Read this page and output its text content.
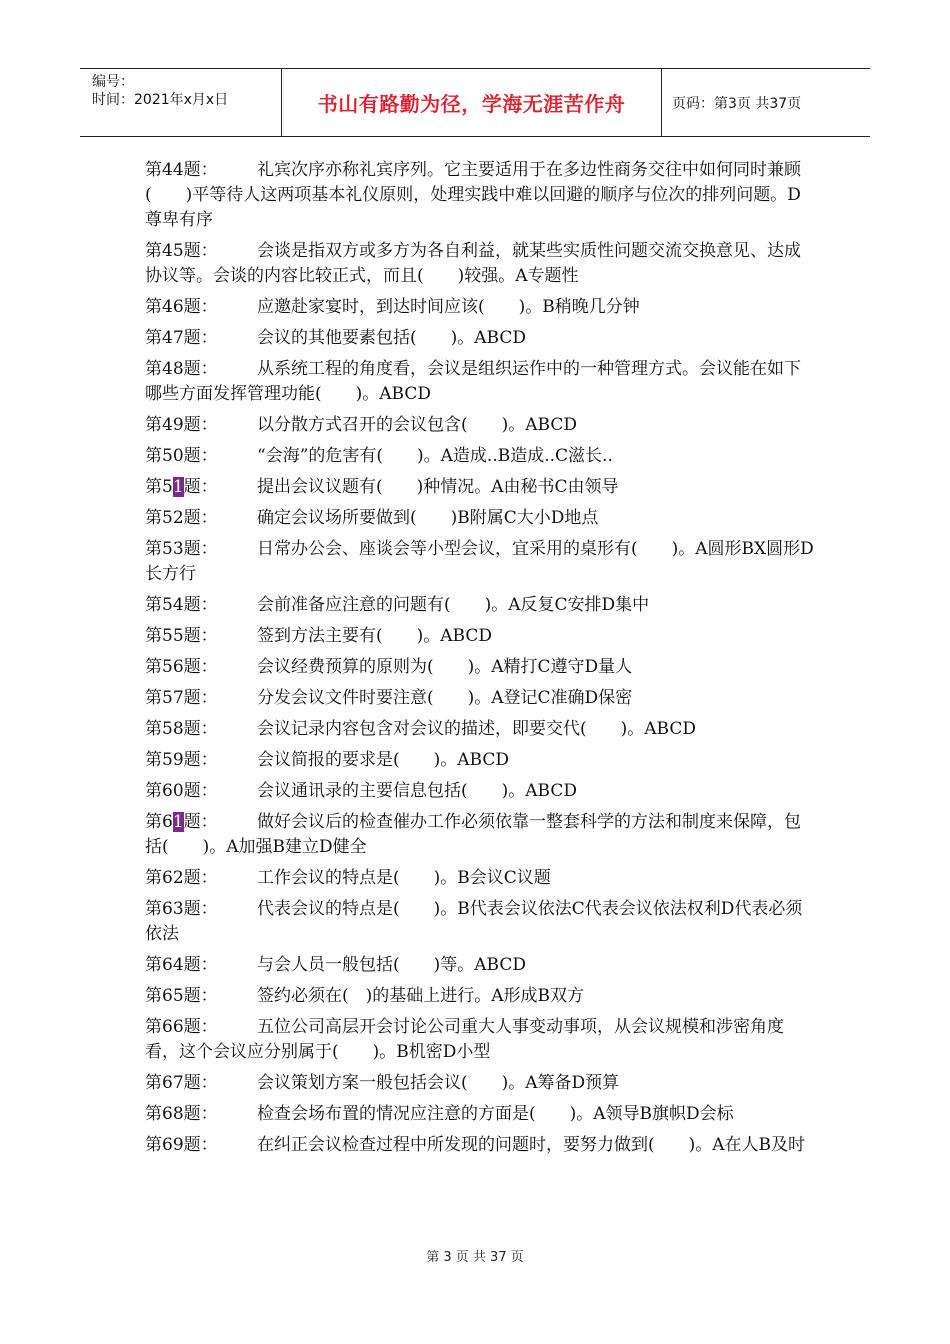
编号：
时间：2021年x月x日	书山有路勤为径，学海无涯苦作舟	页码：第3页 共37页
第44题： 礼宾次序亦称礼宾序列。它主要适用于在多边性商务交往中如何同时兼顾(　　)平等待人这两项基本礼仪原则，处理实践中难以回避的顺序与位次的排列问题。D尊卑有序
第45题： 会谈是指双方或多方为各自利益，就某些实质性问题交流交换意见、达成协议等。会谈的内容比较正式，而且(　　)较强。A专题性
第46题： 应邀赴家宴时，到达时间应该(　　)。B稍晚几分钟
第47题： 会议的其他要素包括(　　)。ABCD
第48题： 从系统工程的角度看，会议是组织运作中的一种管理方式。会议能在如下哪些方面发挥管理功能(　　)。ABCD
第49题： 以分散方式召开的会议包含(　　)。ABCD
第50题： “会海”的危害有(　　)。A造成..B造成..C滋长..
第51题： 提出会议议题有(　　)种情况。A由秘书C由领导
第52题： 确定会议场所要做到(　　)B附属C大小D地点
第53题： 日常办公会、座谈会等小型会议，宜采用的桌形有(　　)。A圆形BX圆形D长方行
第54题： 会前准备应注意的问题有(　　)。A反复C安排D集中
第55题： 签到方法主要有(　　)。ABCD
第56题： 会议经费预算的原则为(　　)。A精打C遵守D量人
第57题： 分发会议文件时要注意(　　)。A登记C准确D保密
第58题： 会议记录内容包含对会议的描述，即要交代(　　)。ABCD
第59题： 会议简报的要求是(　　)。ABCD
第60题： 会议通讯录的主要信息包括(　　)。ABCD
第61题： 做好会议后的检查催办工作必须依靠一整套科学的方法和制度来保障，包括(　　)。A加强B建立D健全
第62题： 工作会议的特点是(　　)。B会议C议题
第63题： 代表会议的特点是(　　)。B代表会议依法C代表会议依法权利D代表必须依法
第64题： 与会人员一般包括(　　)等。ABCD
第65题： 签约必须在(　)的基础上进行。A形成B双方
第66题： 五位公司高层开会讨论公司重大人事变动事项，从会议规模和涉密角度看，这个会议应分别属于(　　)。B机密D小型
第67题： 会议策划方案一般包括会议(　　)。A筹备D预算
第68题： 检查会场布置的情况应注意的方面是(　　)。A领导B旗帜D会标
第69题： 在纠正会议检查过程中所发现的问题时，要努力做到(　　)。A在人B及时
第 3 页 共 37 页
